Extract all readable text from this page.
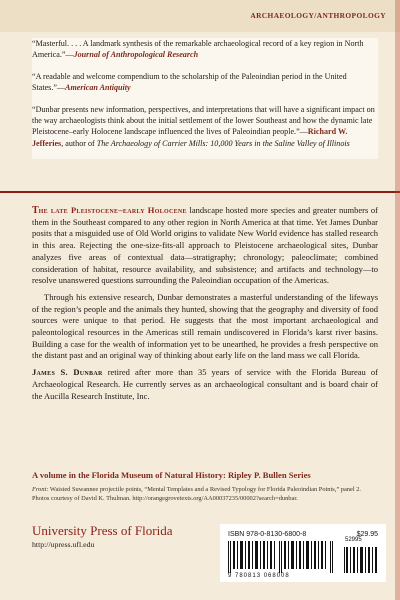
ARCHAEOLOGY/ANTHROPOLOGY

“Masterful. . . . A landmark synthesis of the remarkable archaeological record of a key region in North America.”—Journal of Anthropological Research

“A readable and welcome compendium to the scholarship of the Paleoindian period in the United States.”—American Antiquity

“Dunbar presents new information, perspectives, and interpretations that will have a significant impact on the way archaeologists think about the initial settlement of the lower Southeast and how the dynamic late Pleistocene–early Holocene landscape influenced the lives of Paleoindian people.”—Richard W. Jefferies, author of The Archaeology of Carrier Mills: 10,000 Years in the Saline Valley of Illinois

The late Pleistocene–early Holocene landscape hosted more species and greater numbers of them in the Southeast compared to any other region in North America at that time. Yet James Dunbar posits that a misguided use of Old World origins to validate New World evidence has stalled research in this area. Rejecting the one-size-fits-all approach to Pleistocene archaeological sites, Dunbar analyzes five areas of contextual data—stratigraphy; chronology; paleoclimate; combined consideration of habitat, resource availability, and subsistence; and artifacts and technology—to resolve unanswered questions surrounding the Paleoindian occupation of the Americas.

Through his extensive research, Dunbar demonstrates a masterful understanding of the lifeways of the region’s people and the animals they hunted, showing that the geography and diversity of food sources were unique to that period. He suggests that the most important archaeological and paleontological resources in the Americas still remain undiscovered in Florida’s karst river basins. Building a case for the wealth of information yet to be unearthed, he provides a fresh perspective on the distant past and an original way of thinking about early life on the land mass we call Florida.

James S. Dunbar retired after more than 35 years of service with the Florida Bureau of Archaeological Research. He currently serves as an archaeological consultant and is board chair of the Aucilla Research Institute, Inc.

A volume in the Florida Museum of Natural History: Ripley P. Bullen Series
Front: Waisted Suwannee projectile points, “Mental Templates and a Revised Typology for Florida Paleoindian Points,” panel 2. Photos courtesy of David K. Thulman. http://orangegrovetexts.org/AA00037235/00002?search=dunbar.
University Press of Florida
http://upress.ufl.edu
ISBN 978-0-8130-6800-8	$29.95
9 780813 068008
52995
